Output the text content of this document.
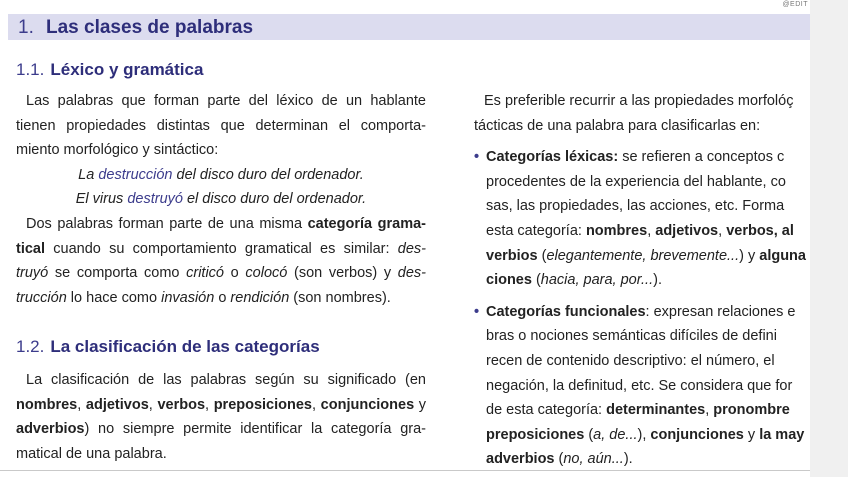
@EDIT
1. Las clases de palabras
1.1. Léxico y gramática

Las palabras que forman parte del léxico de un hablante

tienen propiedades distintas que determinan el comporta-

miento morfológico y sintáctico:

La destrucción del disco duro del ordenador.

El virus destruyó el disco duro del ordenador.

Dos palabras forman parte de una misma categoría grama-

tical cuando su comportamiento gramatical es similar: des-

truyó se comporta como criticó o colocó (son verbos) y des-

trucción lo hace como invasión o rendición (son nombres).

1.2. La clasificación de las categorías

La clasificación de las palabras según su significado (en

nombres, adjetivos, verbos, preposiciones, conjunciones y

adverbios) no siempre permite identificar la categoría gra-

matical de una palabra.

Es preferible recurrir a las propiedades morfolóç

tácticas de una palabra para clasificarlas en:

• Categorías léxicas: se refieren a conceptos c

procedentes de la experiencia del hablante, co

sas, las propiedades, las acciones, etc. Forma

esta categoría: nombres, adjetivos, verbos, al

verbios (elegantemente, brevemente...) y alguna

ciones (hacia, para, por...).

• Categorías funcionales: expresan relaciones e

bras o nociones semánticas difíciles de defini

recen de contenido descriptivo: el número, el

negación, la definitud, etc. Se considera que for

de esta categoría: determinantes, pronombre

preposiciones (a, de...), conjunciones y la may

adverbios (no, aún...).
